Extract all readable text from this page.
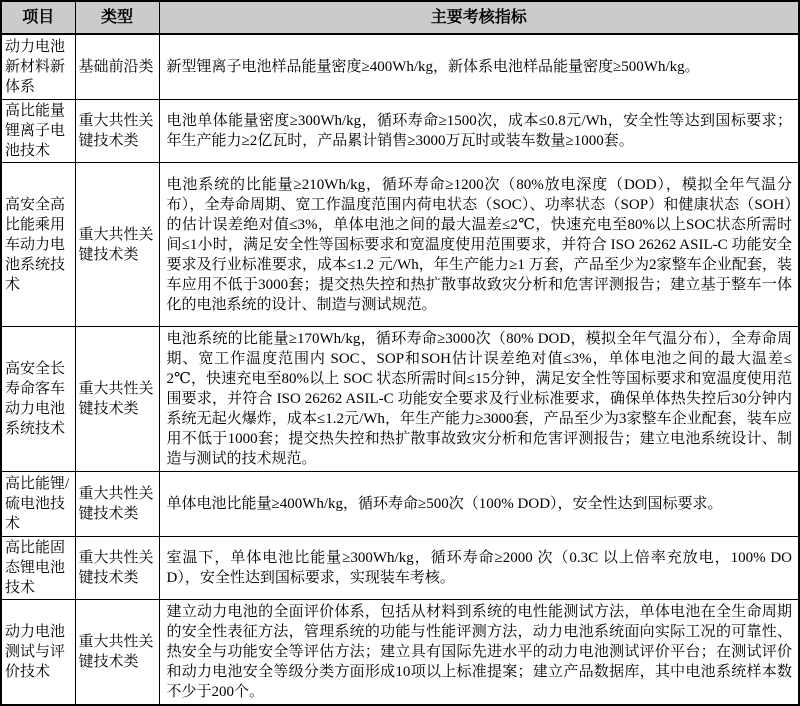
项目	类型	主要考核指标
动力电池新材料新体系	基础前沿类	新型锂离子电池样品能量密度≥400Wh/kg，新体系电池样品能量密度≥500Wh/kg。
高比能量锂离子电池技术	重大共性关键技术类	电池单体能量密度≥300Wh/kg，循环寿命≥1500次，成本≤0.8元/Wh，安全性等达到国标要求；年生产能力≥2亿瓦时，产品累计销售≥3000万瓦时或装车数量≥1000套。
高安全高比能乘用车动力电池系统技术	重大共性关键技术类	电池系统的比能量≥210Wh/kg，循环寿命≥1200次（80%放电深度（DOD），模拟全年气温分布），全寿命周期、宽工作温度范围内荷电状态（SOC）、功率状态（SOP）和健康状态（SOH）的估计误差绝对值≤3%，单体电池之间的最大温差≤2℃，快速充电至80%以上SOC状态所需时间≤1小时，满足安全性等国标要求和宽温度使用范围要求，并符合 ISO 26262 ASIL-C 功能安全要求及行业标准要求，成本≤1.2 元/Wh，年生产能力≥1 万套，产品至少为2家整车企业配套，装车应用不低于3000套；提交热失控和热扩散事故致灾分析和危害评测报告；建立基于整车一体化的电池系统的设计、制造与测试规范。
高安全长寿命客车动力电池系统技术	重大共性关键技术类	电池系统的比能量≥170Wh/kg，循环寿命≥3000次（80% DOD，模拟全年气温分布），全寿命周期、宽工作温度范围内 SOC、SOP和SOH估计误差绝对值≤3%，单体电池之间的最大温差≤2℃，快速充电至80%以上 SOC 状态所需时间≤15分钟，满足安全性等国标要求和宽温度使用范围要求，并符合 ISO 26262 ASIL-C 功能安全要求及行业标准要求，确保单体热失控后30分钟内系统无起火爆炸，成本≤1.2元/Wh，年生产能力≥3000套，产品至少为3家整车企业配套，装车应用不低于1000套；提交热失控和热扩散事故致灾分析和危害评测报告；建立电池系统设计、制造与测试的技术规范。
高比能锂/硫电池技术	重大共性关键技术类	单体电池比能量≥400Wh/kg，循环寿命≥500次（100% DOD），安全性达到国标要求。
高比能固态锂电池技术	重大共性关键技术类	室温下，单体电池比能量≥300Wh/kg，循环寿命≥2000 次（0.3C 以上倍率充放电，100% DOD），安全性达到国标要求，实现装车考核。
动力电池测试与评价技术	重大共性关键技术类	建立动力电池的全面评价体系，包括从材料到系统的电性能测试方法，单体电池在全生命周期的安全性表征方法，管理系统的功能与性能评测方法，动力电池系统面向实际工况的可靠性、热安全与功能安全等评估方法；建立具有国际先进水平的动力电池测试评价平台；在测试评价和动力电池安全等级分类方面形成10项以上标准提案；建立产品数据库，其中电池系统样本数不少于200个。
